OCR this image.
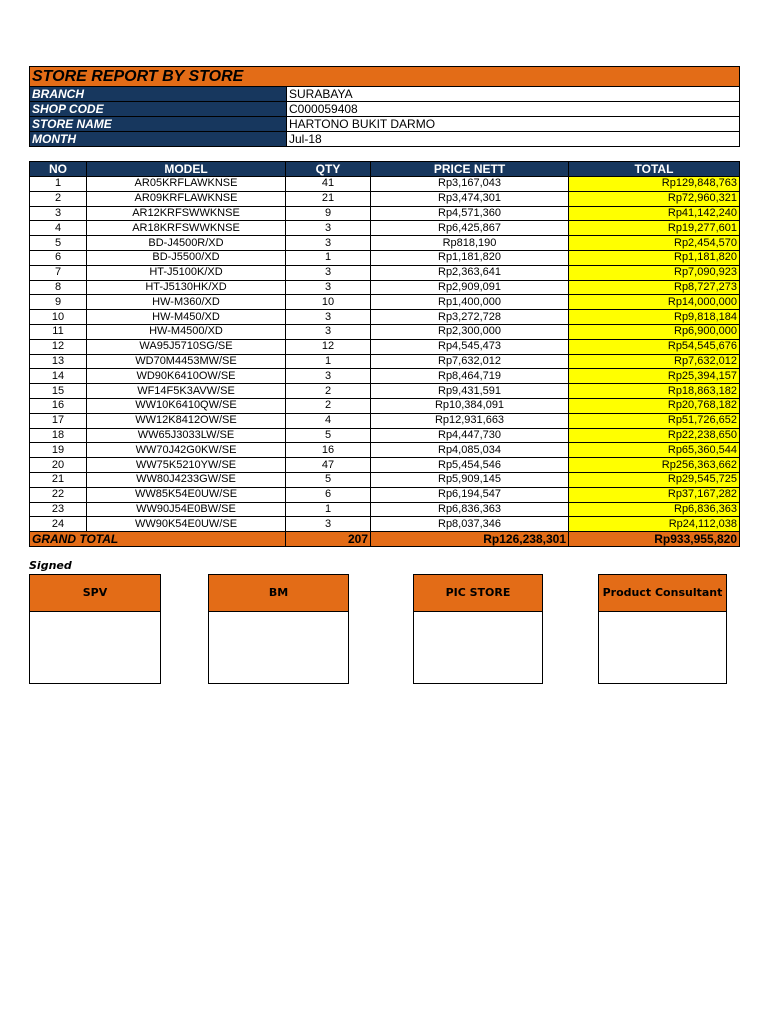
STORE REPORT BY STORE	
BRANCH	SURABAYA
SHOP CODE	C000059408
STORE NAME	HARTONO BUKIT DARMO
MONTH	Jul-18
NO	MODEL	QTY	PRICE NETT	TOTAL
1	AR05KRFLAWKNSE	41	Rp3,167,043	Rp129,848,763
2	AR09KRFLAWKNSE	21	Rp3,474,301	Rp72,960,321
3	AR12KRFSWWKNSE	9	Rp4,571,360	Rp41,142,240
4	AR18KRFSWWKNSE	3	Rp6,425,867	Rp19,277,601
5	BD-J4500R/XD	3	Rp818,190	Rp2,454,570
6	BD-J5500/XD	1	Rp1,181,820	Rp1,181,820
7	HT-J5100K/XD	3	Rp2,363,641	Rp7,090,923
8	HT-J5130HK/XD	3	Rp2,909,091	Rp8,727,273
9	HW-M360/XD	10	Rp1,400,000	Rp14,000,000
10	HW-M450/XD	3	Rp3,272,728	Rp9,818,184
11	HW-M4500/XD	3	Rp2,300,000	Rp6,900,000
12	WA95J5710SG/SE	12	Rp4,545,473	Rp54,545,676
13	WD70M4453MW/SE	1	Rp7,632,012	Rp7,632,012
14	WD90K6410OW/SE	3	Rp8,464,719	Rp25,394,157
15	WF14F5K3AVW/SE	2	Rp9,431,591	Rp18,863,182
16	WW10K6410QW/SE	2	Rp10,384,091	Rp20,768,182
17	WW12K8412OW/SE	4	Rp12,931,663	Rp51,726,652
18	WW65J3033LW/SE	5	Rp4,447,730	Rp22,238,650
19	WW70J42G0KW/SE	16	Rp4,085,034	Rp65,360,544
20	WW75K5210YW/SE	47	Rp5,454,546	Rp256,363,662
21	WW80J4233GW/SE	5	Rp5,909,145	Rp29,545,725
22	WW85K54E0UW/SE	6	Rp6,194,547	Rp37,167,282
23	WW90J54E0BW/SE	1	Rp6,836,363	Rp6,836,363
24	WW90K54E0UW/SE	3	Rp8,037,346	Rp24,112,038
GRAND TOTAL		207	Rp126,238,301	Rp933,955,820
Signed
SPV	BM	PIC STORE	Product Consultant
